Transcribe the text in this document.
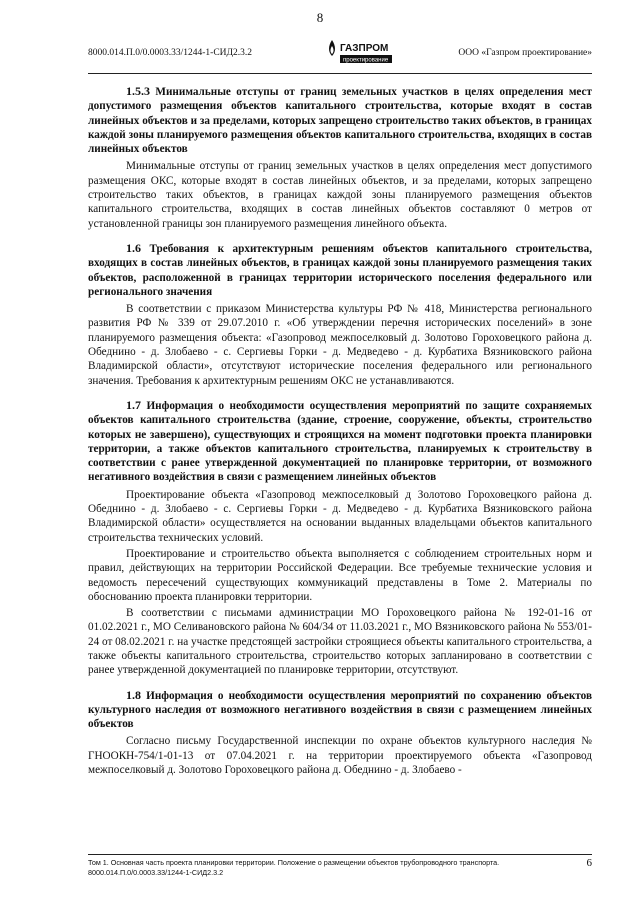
8
8000.014.П.0/0.0003.33/1244-1-СИД2.3.2	ГАЗПРОМ
проектирование
ООО «Газпром проектирование»

1.5.3 Минимальные отступы от границ земельных участков в целях определения мест допустимого размещения объектов капитального строительства, которые входят в состав линейных объектов и за пределами, которых запрещено строительство таких объектов, в границах каждой зоны планируемого размещения объектов капитального строительства, входящих в состав линейных объектов

Минимальные отступы от границ земельных участков в целях определения мест допустимого размещения ОКС, которые входят в состав линейных объектов, и за пределами, которых запрещено строительство таких объектов, в границах каждой зоны планируемого размещения объектов капитального строительства, входящих в состав линейных объектов составляют 0 метров от установленной границы зон планируемого размещения линейного объекта.

1.6 Требования к архитектурным решениям объектов капитального строительства, входящих в состав линейных объектов, в границах каждой зоны планируемого размещения таких объектов, расположенной в границах территории исторического поселения федерального или регионального значения

В соответствии с приказом Министерства культуры РФ № 418, Министерства регионального развития РФ № 339 от 29.07.2010 г. «Об утверждении перечня исторических поселений» в зоне планируемого размещения объекта: «Газопровод межпоселковый д. Золотово Гороховецкого района д. Обеднино - д. Злобаево - с. Сергиевы Горки - д. Медведево - д. Курбатиха Вязниковского района Владимирской области», отсутствуют исторические поселения федерального или регионального значения. Требования к архитектурным решениям ОКС не устанавливаются.

1.7 Информация о необходимости осуществления мероприятий по защите сохраняемых объектов капитального строительства (здание, строение, сооружение, объекты, строительство которых не завершено), существующих и строящихся на момент подготовки проекта планировки территории, а также объектов капитального строительства, планируемых к строительству в соответствии с ранее утвержденной документацией по планировке территории, от возможного негативного воздействия в связи с размещением линейных объектов

Проектирование объекта «Газопровод межпоселковый д Золотово Гороховецкого района д. Обеднино - д. Злобаево - с. Сергиевы Горки - д. Медведево - д. Курбатиха Вязниковского района Владимирской области» осуществляется на основании выданных владельцами объектов капитального строительства технических условий.

Проектирование и строительство объекта выполняется с соблюдением строительных норм и правил, действующих на территории Российской Федерации. Все требуемые технические условия и ведомость пересечений существующих коммуникаций представлены в Томе 2. Материалы по обоснованию проекта планировки территории.

В соответствии с письмами администрации МО Гороховецкого района № 192-01-16 от 01.02.2021 г., МО Селивановского района № 604/34 от 11.03.2021 г., МО Вязниковского района № 553/01-24 от 08.02.2021 г. на участке предстоящей застройки строящиеся объекты капитального строительства, а также объекты капитального строительства, строительство которых запланировано в соответствии с ранее утвержденной документацией по планировке территории, отсутствуют.

1.8 Информация о необходимости осуществления мероприятий по сохранению объектов культурного наследия от возможного негативного воздействия в связи с размещением линейных объектов

Согласно письму Государственной инспекции по охране объектов культурного наследия № ГНООКН-754/1-01-13 от 07.04.2021 г. на территории проектируемого объекта «Газопровод межпоселковый д. Золотово Гороховецкого района д. Обеднино - д. Злобаево -

Том 1. Основная часть проекта планировки территории. Положение о размещении объектов трубопроводного транспорта.
8000.014.П.0/0.0003.33/1244-1-СИД2.3.2
6
